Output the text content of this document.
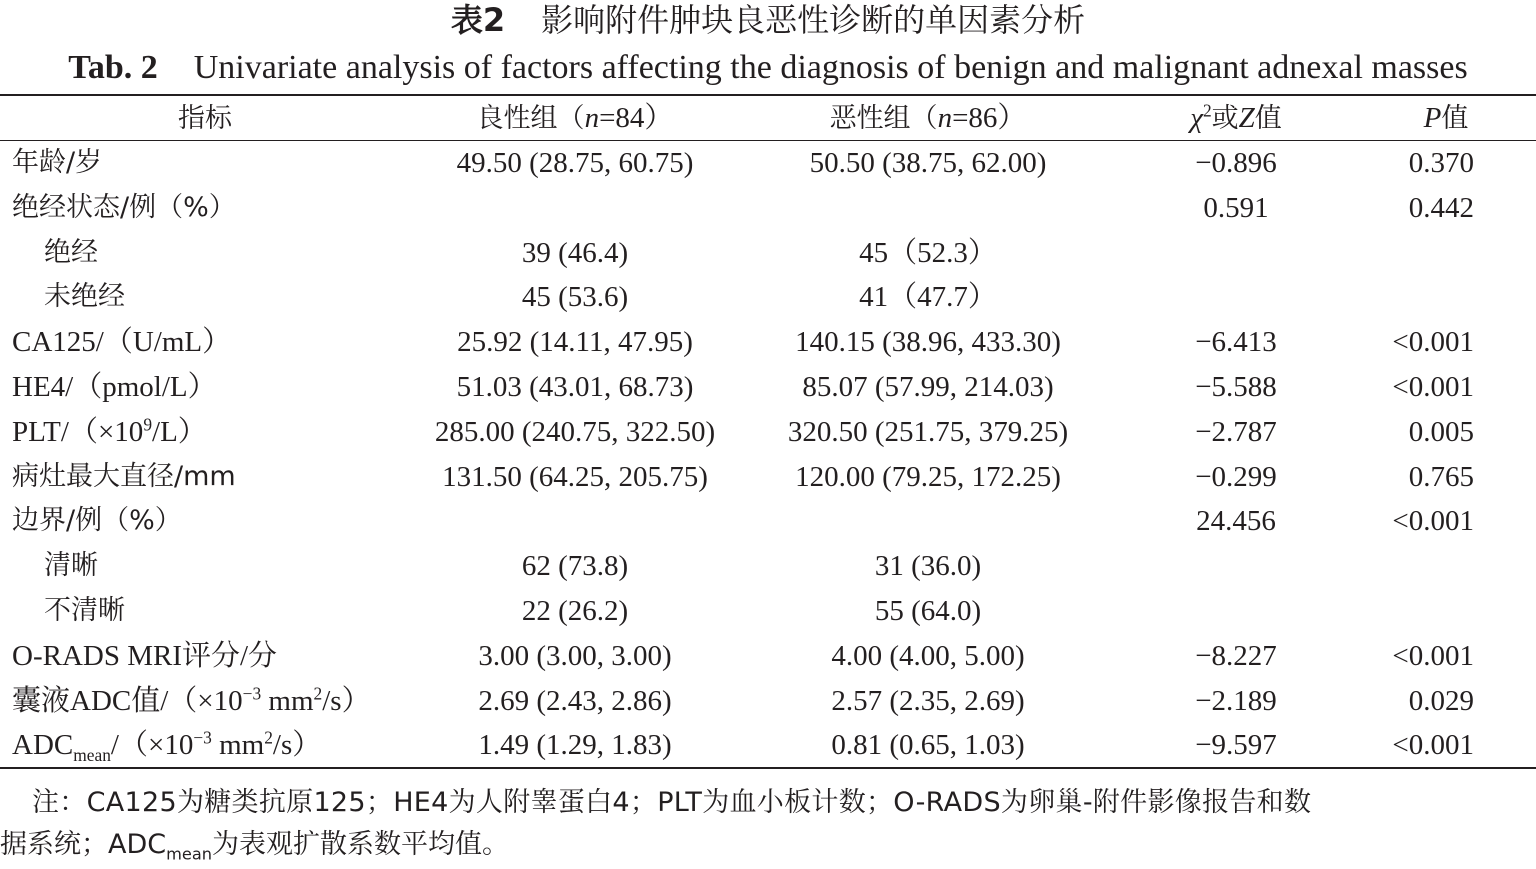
表2 影响附件肿块良恶性诊断的单因素分析
Tab. 2 Univariate analysis of factors affecting the diagnosis of benign and malignant adnexal masses
指标	良性组（n=84）	恶性组（n=86）	$\chi^2$或Z值	P值
年龄/岁	49.50 (28.75, 60.75)	50.50 (38.75, 62.00)	−0.896	0.370
绝经状态/例（%）			0.591	0.442
绝经	39 (46.4)	45（52.3）		
未绝经	45 (53.6)	41（47.7）		
CA125/（U/mL）	25.92 (14.11, 47.95)	140.15 (38.96, 433.30)	−6.413	<0.001
HE4/（pmol/L）	51.03 (43.01, 68.73)	85.07 (57.99, 214.03)	−5.588	<0.001
PLT/$(\times 10^9/L)$	285.00 (240.75, 322.50)	320.50 (251.75, 379.25)	−2.787	0.005
病灶最大直径/mm	131.50 (64.25, 205.75)	120.00 (79.25, 172.25)	−0.299	0.765
边界/例（%）			24.456	<0.001
清晰	62 (73.8)	31 (36.0)		
不清晰	22 (26.2)	55 (64.0)		
O-RADS MRI评分/分	3.00 (3.00, 3.00)	4.00 (4.00, 5.00)	−8.227	<0.001
囊液ADC值$/(\times 10^{-3}$ $mm^2/s$）	2.69 (2.43, 2.86)	2.57 (2.35, 2.69)	−2.189	0.029
$ADC_{mean}/(\times 10^{-3}$ $mm^2/s$）	1.49 (1.29, 1.83)	0.81 (0.65, 1.03)	−9.597	<0.001
注：CA125为糖类抗原125；HE4为人附睾蛋白4；PLT为血小板计数；O-RADS为卵巢-附件影像报告和数
据系统；$ADC_{mean}$为表观扩散系数平均值。
